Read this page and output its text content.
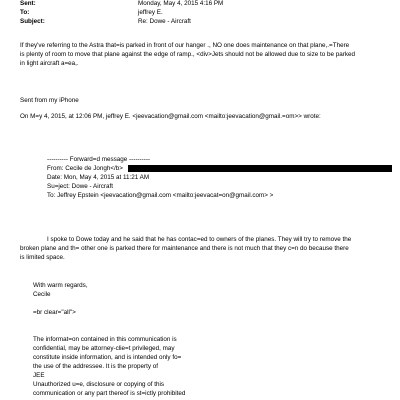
Sent:	Monday, May 4, 2015 4:16 PM
To:	jeffrey E.
Subject:	Re: Dowe - Aircraft
If they've referring to the Astra that=is parked in front of our hanger ., NO one does maintenance on that plane,.=There
is plenty of room to move that plane against the edge of ramp., <div>Jets should not be allowed due to size to be parked
in light aircraft a=ea,.
Sent from my iPhone
On M=y 4, 2015, at 12:06 PM, jeffrey E. <jeevacation@gmail.com <mailto:jeevacation@gmail.=om>> wrote:
---------- Forward=d message ----------
From: Cecile de Jongh</b>
Date: Mon, May 4, 2015 at 11:21 AM
Su=ject: Dowe - Aircraft
To: Jeffrey Epstein <jeevacation@gmail.com <mailto:jeevacat=on@gmail.com> >
I spoke to Dowe today and he said that he has contac=ed to owners of the planes. They will try to remove the
broken plane and th= other one is parked there for maintenance and there is not much that they c=n do because there
is limited space.
With warm regards,
Cecile
=br clear="all">
The informat=on contained in this communication is
confidential, may be attorney-clie=t privileged, may
constitute inside information, and is intended only fo=
the use of the addressee. It is the property of
JEE
Unauthorized u=e, disclosure or copying of this
communication or any part thereof is st=ictly prohibited
